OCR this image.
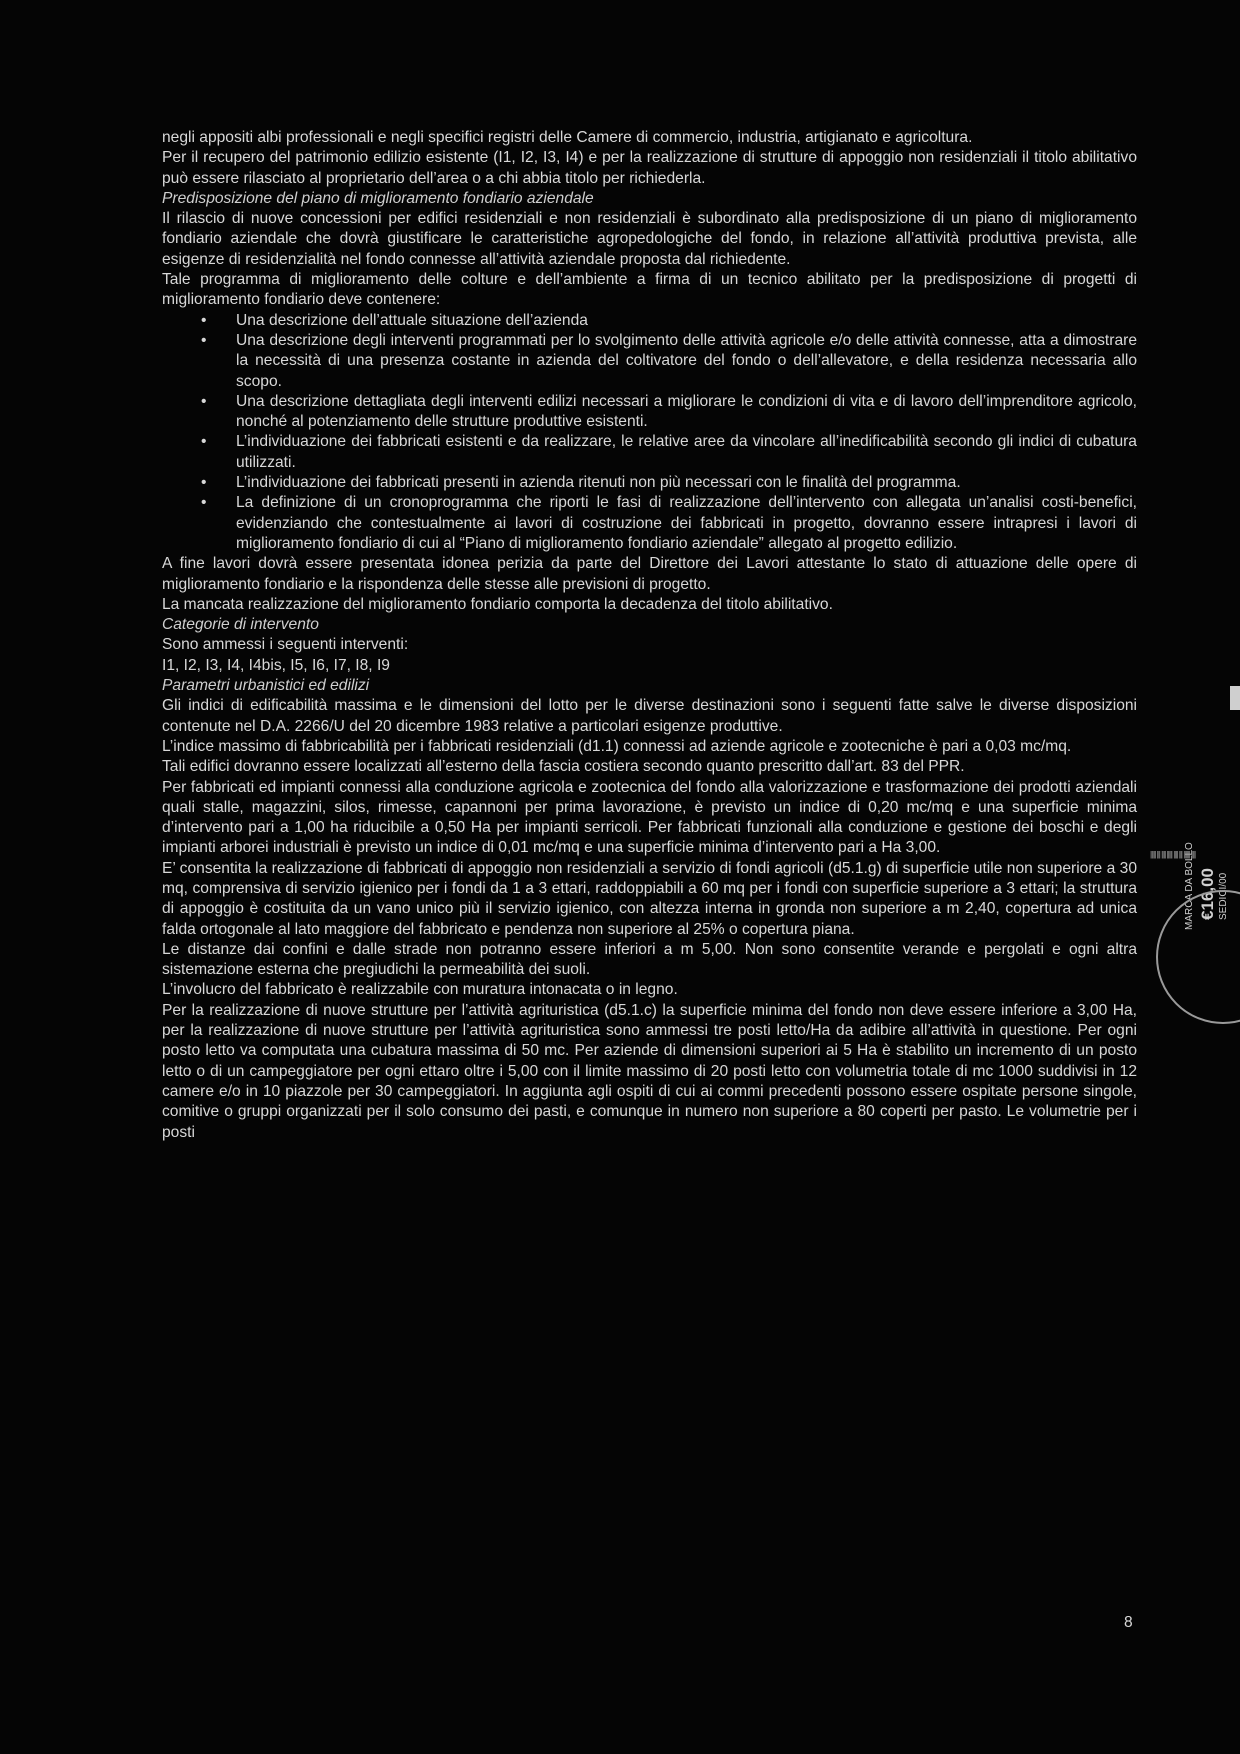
negli appositi albi professionali e negli specifici registri delle Camere di commercio, industria, artigianato e agricoltura.

Per il recupero del patrimonio edilizio esistente (I1, I2, I3, I4) e per la realizzazione di strutture di appoggio non residenziali il titolo abilitativo può essere rilasciato al proprietario dell’area o a chi abbia titolo per richiederla.

Predisposizione del piano di miglioramento fondiario aziendale

Il rilascio di nuove concessioni per edifici residenziali e non residenziali è subordinato alla predisposizione di un piano di miglioramento fondiario aziendale che dovrà giustificare le caratteristiche agropedologiche del fondo, in relazione all’attività produttiva prevista, alle esigenze di residenzialità nel fondo connesse all’attività aziendale proposta dal richiedente.

Tale programma di miglioramento delle colture e dell’ambiente a firma di un tecnico abilitato per la predisposizione di progetti di miglioramento fondiario deve contenere:

• Una descrizione dell’attuale situazione dell’azienda
• Una descrizione degli interventi programmati per lo svolgimento delle attività agricole e/o delle attività connesse, atta a dimostrare la necessità di una presenza costante in azienda del coltivatore del fondo o dell’allevatore, e della residenza necessaria allo scopo.
• Una descrizione dettagliata degli interventi edilizi necessari a migliorare le condizioni di vita e di lavoro dell’imprenditore agricolo, nonché al potenziamento delle strutture produttive esistenti.
• L’individuazione dei fabbricati esistenti e da realizzare, le relative aree da vincolare all’inedificabilità secondo gli indici di cubatura utilizzati.
• L’individuazione dei fabbricati presenti in azienda ritenuti non più necessari con le finalità del programma.
• La definizione di un cronoprogramma che riporti le fasi di realizzazione dell’intervento con allegata un’analisi costi-benefici, evidenziando che contestualmente ai lavori di costruzione dei fabbricati in progetto, dovranno essere intrapresi i lavori di miglioramento fondiario di cui al “Piano di miglioramento fondiario aziendale” allegato al progetto edilizio.

A fine lavori dovrà essere presentata idonea perizia da parte del Direttore dei Lavori attestante lo stato di attuazione delle opere di miglioramento fondiario e la rispondenza delle stesse alle previsioni di progetto.

La mancata realizzazione del miglioramento fondiario comporta la decadenza del titolo abilitativo.

Categorie di intervento

Sono ammessi i seguenti interventi:

I1, I2, I3, I4, I4bis, I5, I6, I7, I8, I9

Parametri urbanistici ed edilizi

Gli indici di edificabilità massima e le dimensioni del lotto per le diverse destinazioni sono i seguenti fatte salve le diverse disposizioni contenute nel D.A. 2266/U del 20 dicembre 1983 relative a particolari esigenze produttive.

L’indice massimo di fabbricabilità per i fabbricati residenziali (d1.1) connessi ad aziende agricole e zootecniche è pari a 0,03 mc/mq.

Tali edifici dovranno essere localizzati all’esterno della fascia costiera secondo quanto prescritto dall’art. 83 del PPR.

Per fabbricati ed impianti connessi alla conduzione agricola e zootecnica del fondo alla valorizzazione e trasformazione dei prodotti aziendali quali stalle, magazzini, silos, rimesse, capannoni per prima lavorazione, è previsto un indice di 0,20 mc/mq e una superficie minima d’intervento pari a 1,00 ha riducibile a 0,50 Ha per impianti serricoli. Per fabbricati funzionali alla conduzione e gestione dei boschi e degli impianti arborei industriali è previsto un indice di 0,01 mc/mq e una superficie minima d’intervento pari a Ha 3,00.

E’ consentita la realizzazione di fabbricati di appoggio non residenziali a servizio di fondi agricoli (d5.1.g) di superficie utile non superiore a 30 mq, comprensiva di servizio igienico per i fondi da 1 a 3 ettari, raddoppiabili a 60 mq per i fondi con superficie superiore a 3 ettari; la struttura di appoggio è costituita da un vano unico più il servizio igienico, con altezza interna in gronda non superiore a m 2,40, copertura ad unica falda ortogonale al lato maggiore del fabbricato e pendenza non superiore al 25% o copertura piana.

Le distanze dai confini e dalle strade non potranno essere inferiori a m 5,00. Non sono consentite verande e pergolati e ogni altra sistemazione esterna che pregiudichi la permeabilità dei suoli.

L’involucro del fabbricato è realizzabile con muratura intonacata o in legno.

Per la realizzazione di nuove strutture per l’attività agrituristica (d5.1.c) la superficie minima del fondo non deve essere inferiore a 3,00 Ha, per la realizzazione di nuove strutture per l’attività agrituristica sono ammessi tre posti letto/Ha da adibire all’attività in questione. Per ogni posto letto va computata una cubatura massima di 50 mc. Per aziende di dimensioni superiori ai 5 Ha è stabilito un incremento di un posto letto o di un campeggiatore per ogni ettaro oltre i 5,00 con il limite massimo di 20 posti letto con volumetria totale di mc 1000 suddivisi in 12 camere e/o in 10 piazzole per 30 campeggiatori. In aggiunta agli ospiti di cui ai commi precedenti possono essere ospitate persone singole, comitive o gruppi organizzati per il solo consumo dei pasti, e comunque in numero non superiore a 80 coperti per pasto. Le volumetrie per i posti

8
MARCA DA BOLLO €16,00 SEDICI/00
||||| ||| |||| ||||| |||| ||| |||||| ||||
